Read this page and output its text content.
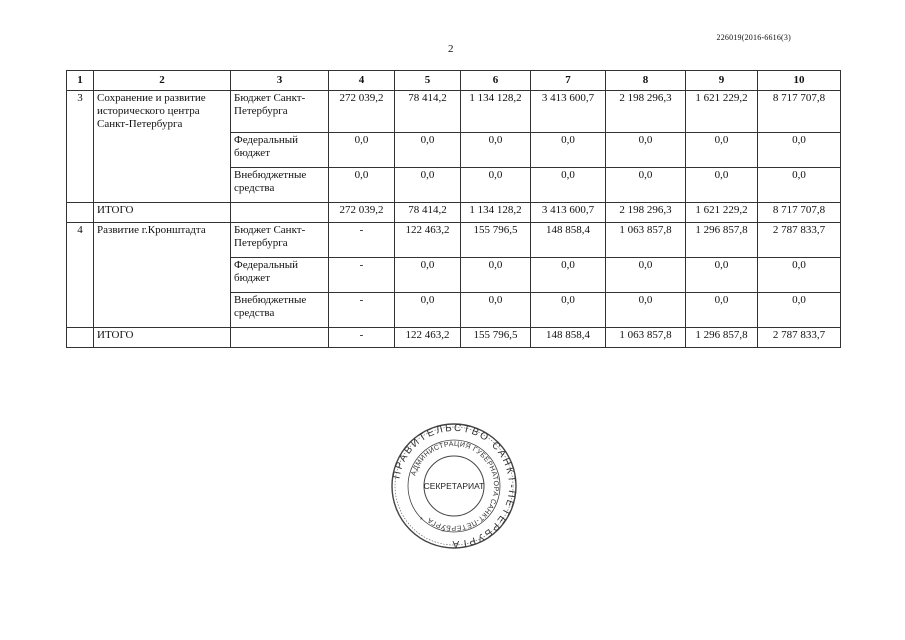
226019(2016-6616(3)
2
1	2	3	4	5	6	7	8	9	10
3	Сохранение и развитие исторического центра Санкт-Петербурга	Бюджет Санкт-Петербурга	272 039,2	78 414,2	1 134 128,2	3 413 600,7	2 198 296,3	1 621 229,2	8 717 707,8
		Федеральный бюджет	0,0	0,0	0,0	0,0	0,0	0,0	0,0
		Внебюджетные средства	0,0	0,0	0,0	0,0	0,0	0,0	0,0
	ИТОГО		272 039,2	78 414,2	1 134 128,2	3 413 600,7	2 198 296,3	1 621 229,2	8 717 707,8
4	Развитие г.Кронштадта	Бюджет Санкт-Петербурга	-	122 463,2	155 796,5	148 858,4	1 063 857,8	1 296 857,8	2 787 833,7
		Федеральный бюджет	-	0,0	0,0	0,0	0,0	0,0	0,0
		Внебюджетные средства	-	0,0	0,0	0,0	0,0	0,0	0,0
	ИТОГО		-	122 463,2	155 796,5	148 858,4	1 063 857,8	1 296 857,8	2 787 833,7
ПРАВИТЕЛЬСТВО САНКТ-ПЕТЕРБУРГА
АДМИНИСТРАЦИЯ ГУБЕРНАТОРА САНКТ-ПЕТЕРБУРГА
СЕКРЕТАРИАТ
*
*
